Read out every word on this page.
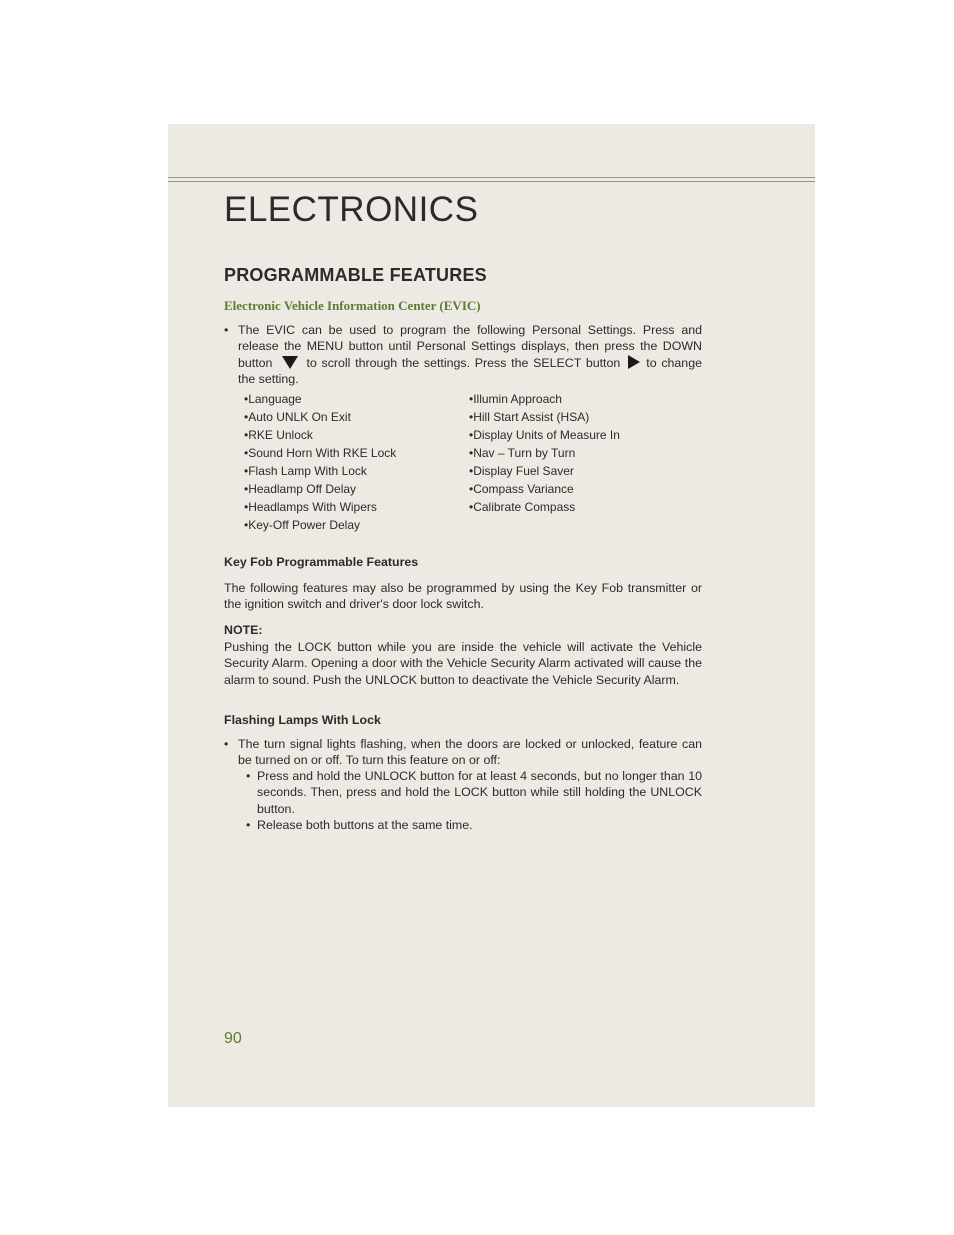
ELECTRONICS
PROGRAMMABLE FEATURES
Electronic Vehicle Information Center (EVIC)
• The EVIC can be used to program the following Personal Settings. Press and release the MENU button until Personal Settings displays, then press the DOWN button	to scroll through the settings. Press the SELECT button to change the setting.
• Language
• Auto UNLK On Exit
• RKE Unlock
• Sound Horn With RKE Lock
• Flash Lamp With Lock
• Headlamp Off Delay
• Headlamps With Wipers
• Key-Off Power Delay
• Illumin Approach
• Hill Start Assist (HSA)
• Display Units of Measure In
• Nav – Turn by Turn
• Display Fuel Saver
• Compass Variance
• Calibrate Compass
Key Fob Programmable Features

The following features may also be programmed by using the Key Fob transmitter or the ignition switch and driver's door lock switch.

NOTE:

Pushing the LOCK button while you are inside the vehicle will activate the Vehicle Security Alarm. Opening a door with the Vehicle Security Alarm activated will cause the alarm to sound. Push the UNLOCK button to deactivate the Vehicle Security Alarm.

Flashing Lamps With Lock
• The turn signal lights flashing, when the doors are locked or unlocked, feature can be turned on or off. To turn this feature on or off:
• Press and hold the UNLOCK button for at least 4 seconds, but no longer than 10 seconds. Then, press and hold the LOCK button while still holding the UNLOCK button.
• Release both buttons at the same time.
90
